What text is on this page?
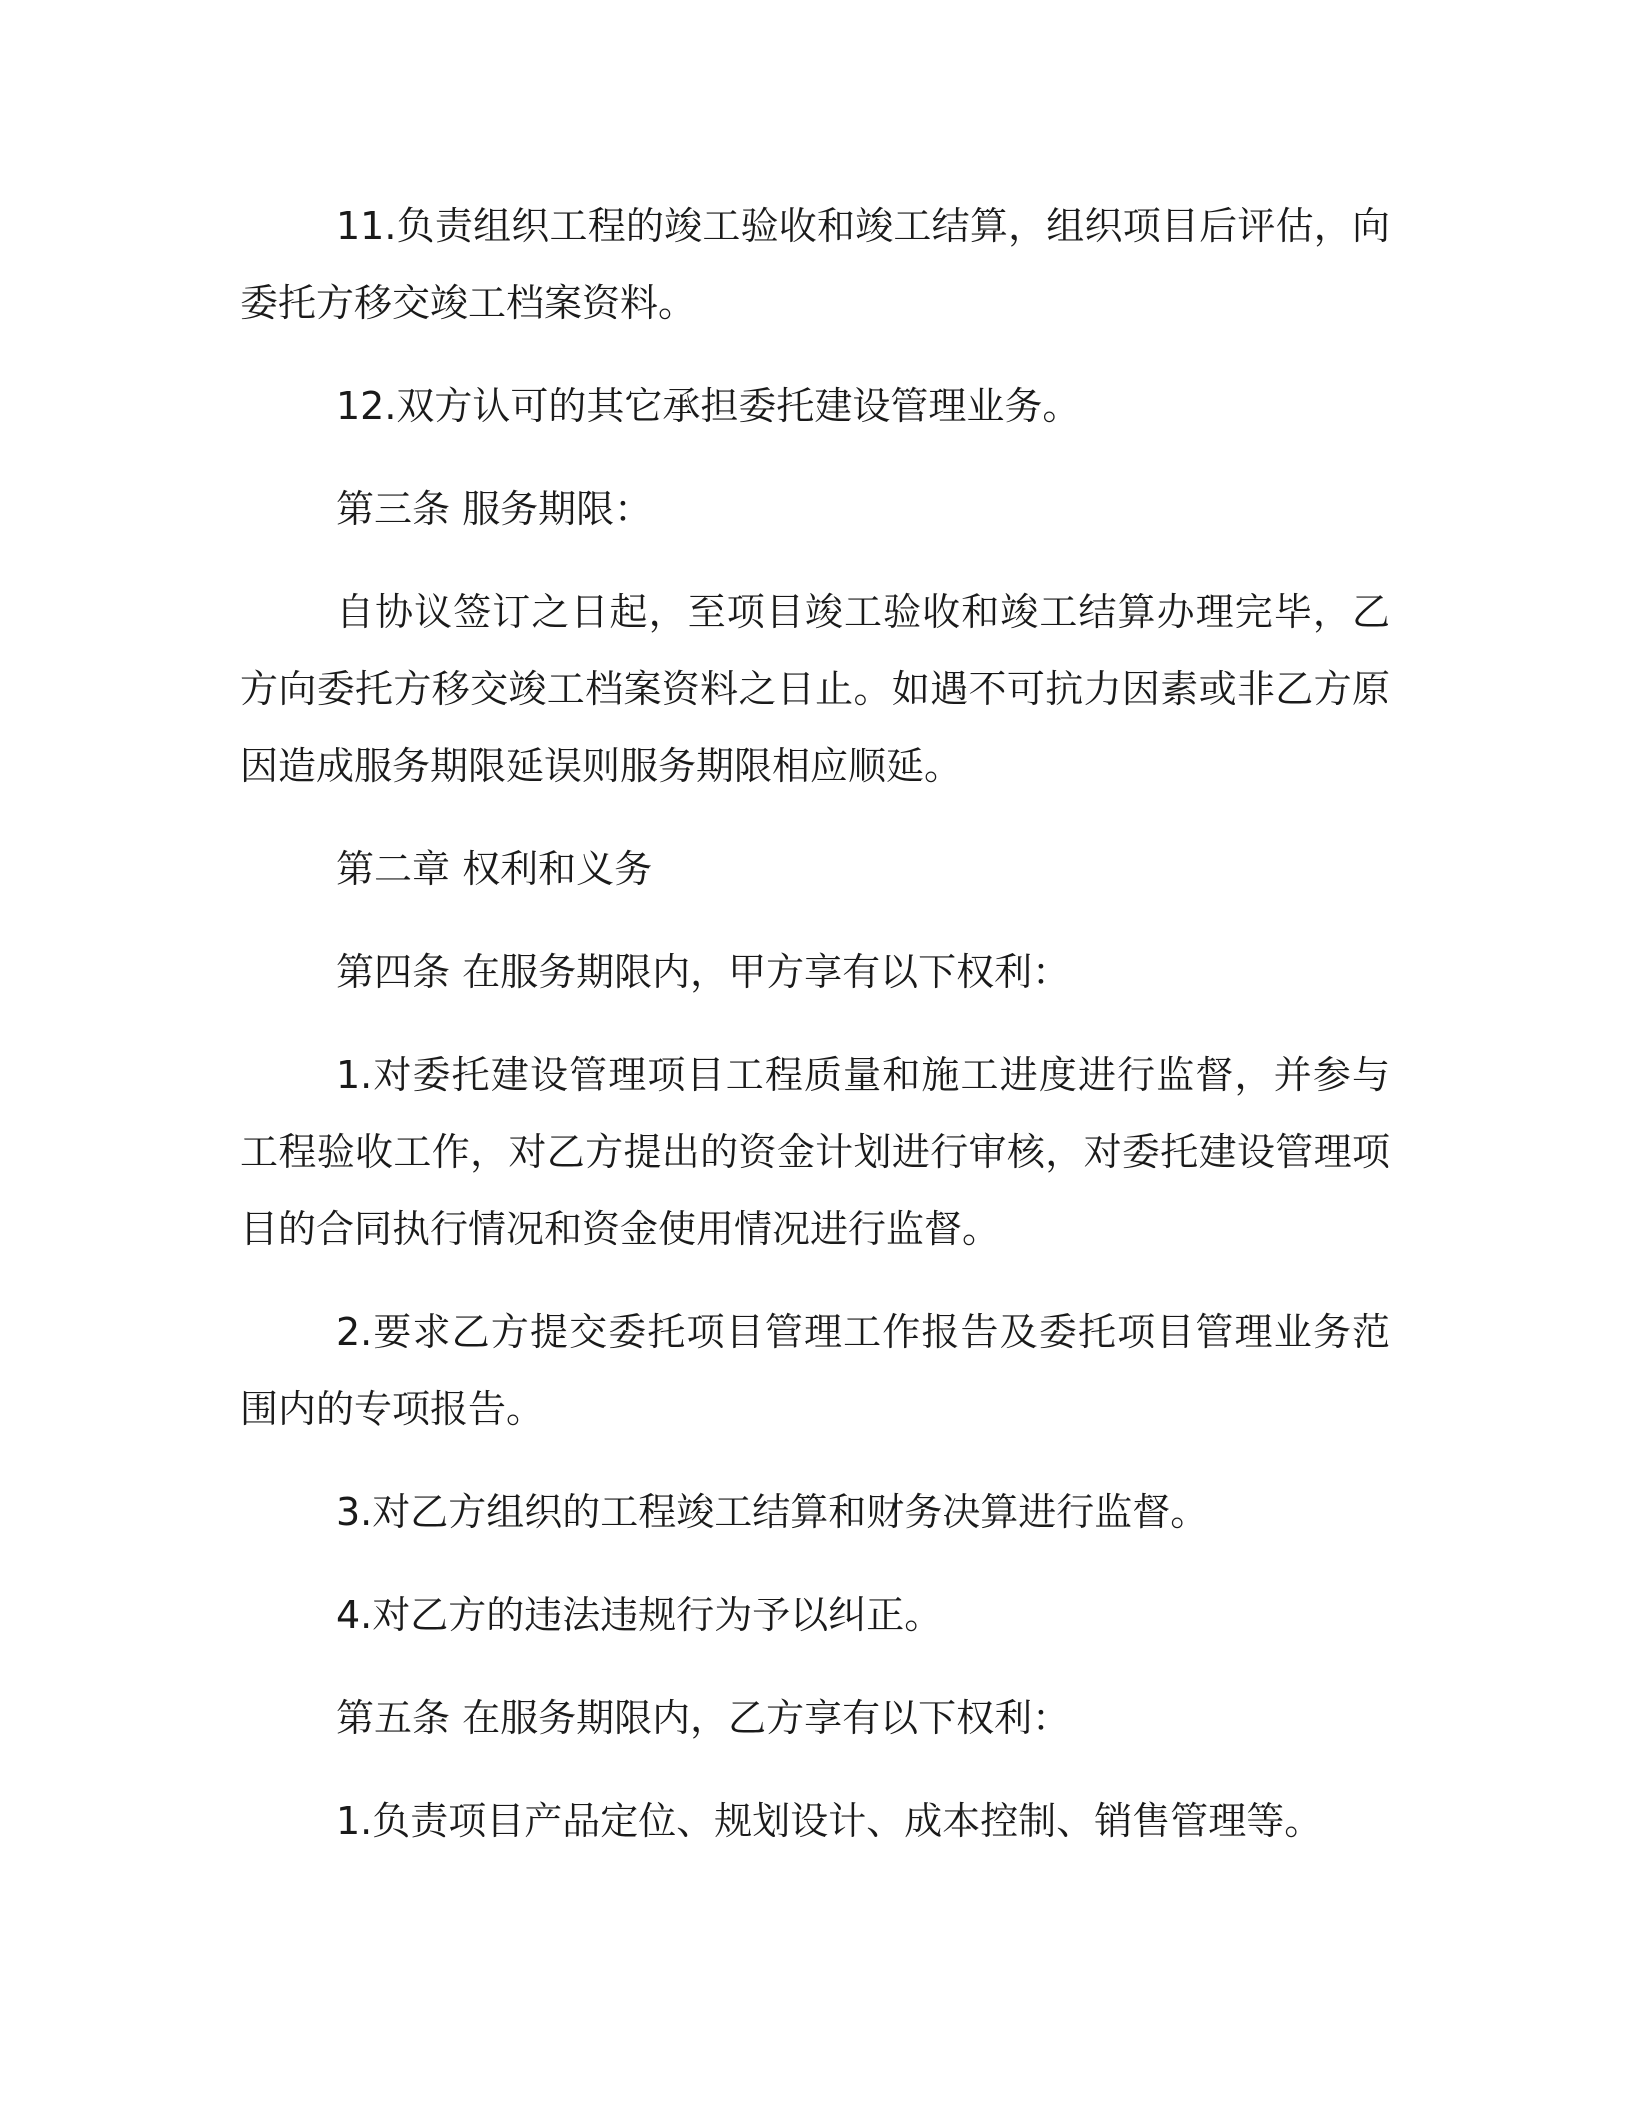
11.负责组织工程的竣工验收和竣工结算，组织项目后评估，向委托方移交竣工档案资料。

12.双方认可的其它承担委托建设管理业务。

第三条 服务期限：

自协议签订之日起，至项目竣工验收和竣工结算办理完毕，乙方向委托方移交竣工档案资料之日止。如遇不可抗力因素或非乙方原因造成服务期限延误则服务期限相应顺延。

第二章 权利和义务

第四条 在服务期限内，甲方享有以下权利：

1.对委托建设管理项目工程质量和施工进度进行监督，并参与工程验收工作，对乙方提出的资金计划进行审核，对委托建设管理项目的合同执行情况和资金使用情况进行监督。

2.要求乙方提交委托项目管理工作报告及委托项目管理业务范围内的专项报告。

3.对乙方组织的工程竣工结算和财务决算进行监督。

4.对乙方的违法违规行为予以纠正。

第五条 在服务期限内，乙方享有以下权利：

1.负责项目产品定位、规划设计、成本控制、销售管理等。
